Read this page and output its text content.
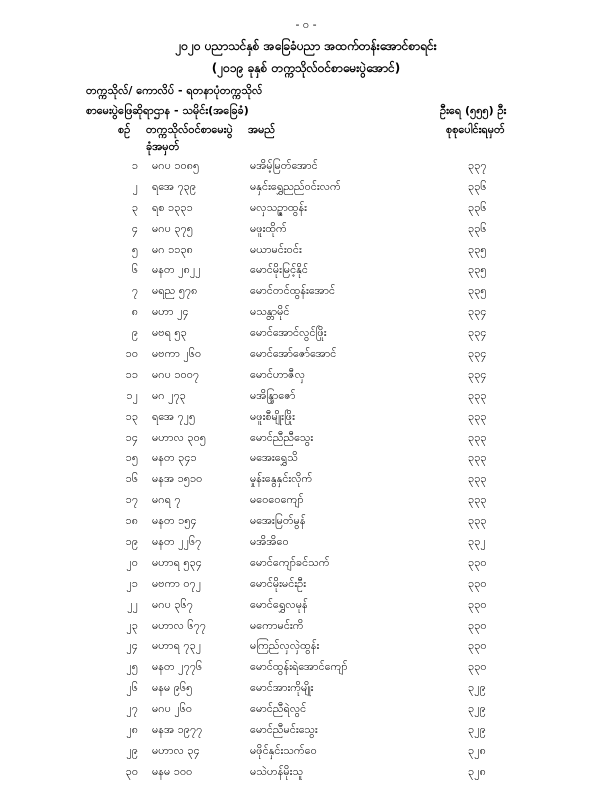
- ၀ -
၂၀၂၀ ပညာသင်နှစ် အခြေခံပညာ အထက်တန်းအောင်စာရင်း
(၂၀၁၉ ခုနှစ် တက္ကသိုလ်ဝင်စာမေးပွဲအောင်)
တက္ကသိုလ်/ ကောလိပ် - ရတနာပုံတက္ကသိုလ်
စာမေးပွဲဖြေဆိုရာဌာန - သမိုင်း(အခြေခံ)	ဦးရေ (၅၅၅) ဦး
စဉ် တက္ကသိုလ်ဝင်စာမေးပွဲ
ခုံအမှတ်
အမည်	စုစုပေါင်းရမှတ်
၁ မဂပ ၁၀၈၅	မအိမ့်မြတ်အောင်	၃၃၇
၂ ရအေ ၇၃၉	မနှင်းရွှေညည်ဝင်းလက်	၃၃၆
၃ ရစ ၁၃၃၁	မလှသဥ္ဇာထွန်း	၃၃၆
၄ မဂပ ၃၇၅	မဖူးထိုက်	၃၃၆
၅ မဂ ၁၁၃၈	မယာမင်းဝင်း	၃၃၅
၆ မနတ ၂၈၂၂	မောင်မိုးမြင့်နိုင်	၃၃၅
၇ မရည ၅၇၈	မောင်တင်ထွန်းအောင်	၃၃၅
၈ မဟာ ၂၄	မသန္တာမိုင်	၃၃၄
၉ မဗရ ၅၃	မောင်အောင်လွင်ဖြိုး	၃၃၄
၁၀ မဗကာ ၂၆၀	မောင်အော်ဇော်အောင်	၃၃၄
၁၁ မဂပ ၁၀၀၇	မောင်ဟာဇီလှ	၃၃၄
၁၂ မဂ ၂၇၃	မအိန္ဒြာဇော်	၃၃၃
၁၃ ရအေ ၇၂၅	မဖူးစီမျိုးဖြိုး	၃၃၃
၁၄ မဟာလ ၃၀၅	မောင်ညီညီသွေး	၃၃၃
၁၅ မနတ ၃၄၁	မအေးရွှေသိ	၃၃၃
၁၆ မနအ ၁၅၁၀	မှုန်းနွေနှင်းလိုက်	၃၃၃
၁၇ မဂရ ၇	မဝေဝေကျော်	၃၃၃
၁၈ မနတ ၁၅၄	မအေးမြတ်မွန်	၃၃၃
၁၉ မနတ ၂၂၆၇	မအိအိဝေ	၃၃၂
၂၀ မဟာရ ၅၃၄	မောင်ကျော်ခင်သက်	၃၃၀
၂၁ မဗကာ ၀၇၂	မောင်မိုးမင်းဦး	၃၃၀
၂၂ မဂပ ၃၆၇	မောင်ရွှေလမုန်	၃၃၀
၂၃ မဟာလ ၆၇၇	မကောမင်းကိ	၃၃၀
၂၄ မဟာရ ၇၃၂	မကြည်လှလှဲထွန်း	၃၃၀
၂၅ မနတ ၂၇၇၆	မောင်ထွန်းရဲအောင်ကျော်	၃၃၀
၂၆ မနမ ၉၆၅	မောင်အားကိုမျိုး	၃၂၉
၂၇ မဂပ ၂၆၀	မောင်ညီရဲလွင်	၃၂၉
၂၈ မနအ ၁၉၇၇	မောင်ညီမင်းသွေး	၃၂၉
၂၉ မဟာလ ၃၄	မဖိုင်နှင်းသက်ဝေ	၃၂၈
၃၀ မနမ ၁၀၀	မသဲဟန်မိုးသူ	၃၂၈
